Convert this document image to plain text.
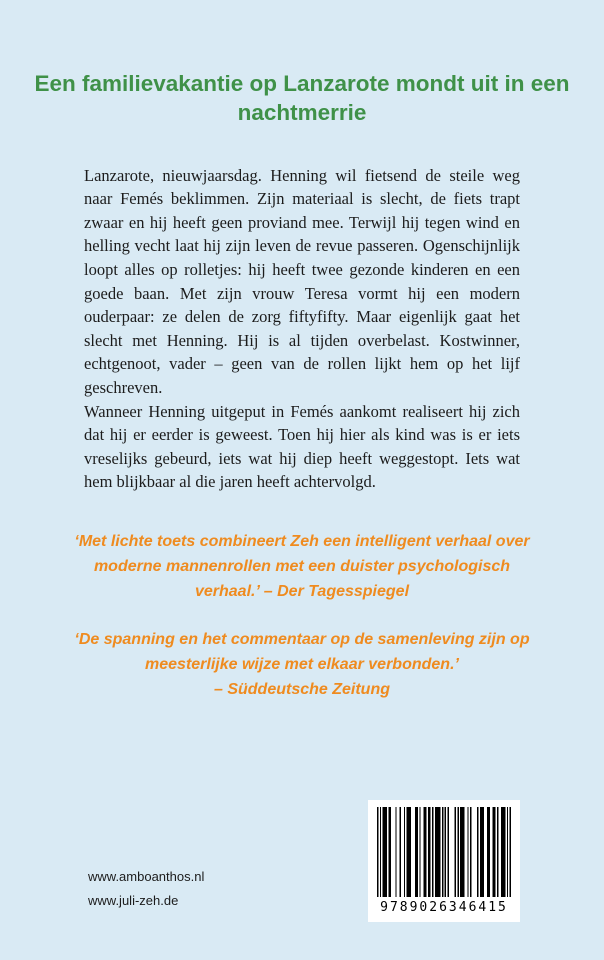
Een familievakantie op Lanzarote mondt uit in een nachtmerrie

Lanzarote, nieuwjaarsdag. Henning wil fietsend de steile weg naar Femés beklimmen. Zijn materiaal is slecht, de fiets trapt zwaar en hij heeft geen proviand mee. Terwijl hij tegen wind en helling vecht laat hij zijn leven de revue passeren. Ogenschijnlijk loopt alles op rolletjes: hij heeft twee gezonde kinderen en een goede baan. Met zijn vrouw Teresa vormt hij een modern ouderpaar: ze delen de zorg fiftyfifty. Maar eigenlijk gaat het slecht met Henning. Hij is al tijden overbelast. Kostwinner, echtgenoot, vader – geen van de rollen lijkt hem op het lijf geschreven.

Wanneer Henning uitgeput in Femés aankomt realiseert hij zich dat hij er eerder is geweest. Toen hij hier als kind was is er iets vreselijks gebeurd, iets wat hij diep heeft weggestopt. Iets wat hem blijkbaar al die jaren heeft achtervolgd.

‘Met lichte toets combineert Zeh een intelligent verhaal over moderne mannenrollen met een duister psychologisch verhaal.’ – Der Tagesspiegel

‘De spanning en het commentaar op de samenleving zijn op meesterlijke wijze met elkaar verbonden.’
– Süddeutsche Zeitung

www.amboanthos.nl
www.juli-zeh.de	9789026346415
